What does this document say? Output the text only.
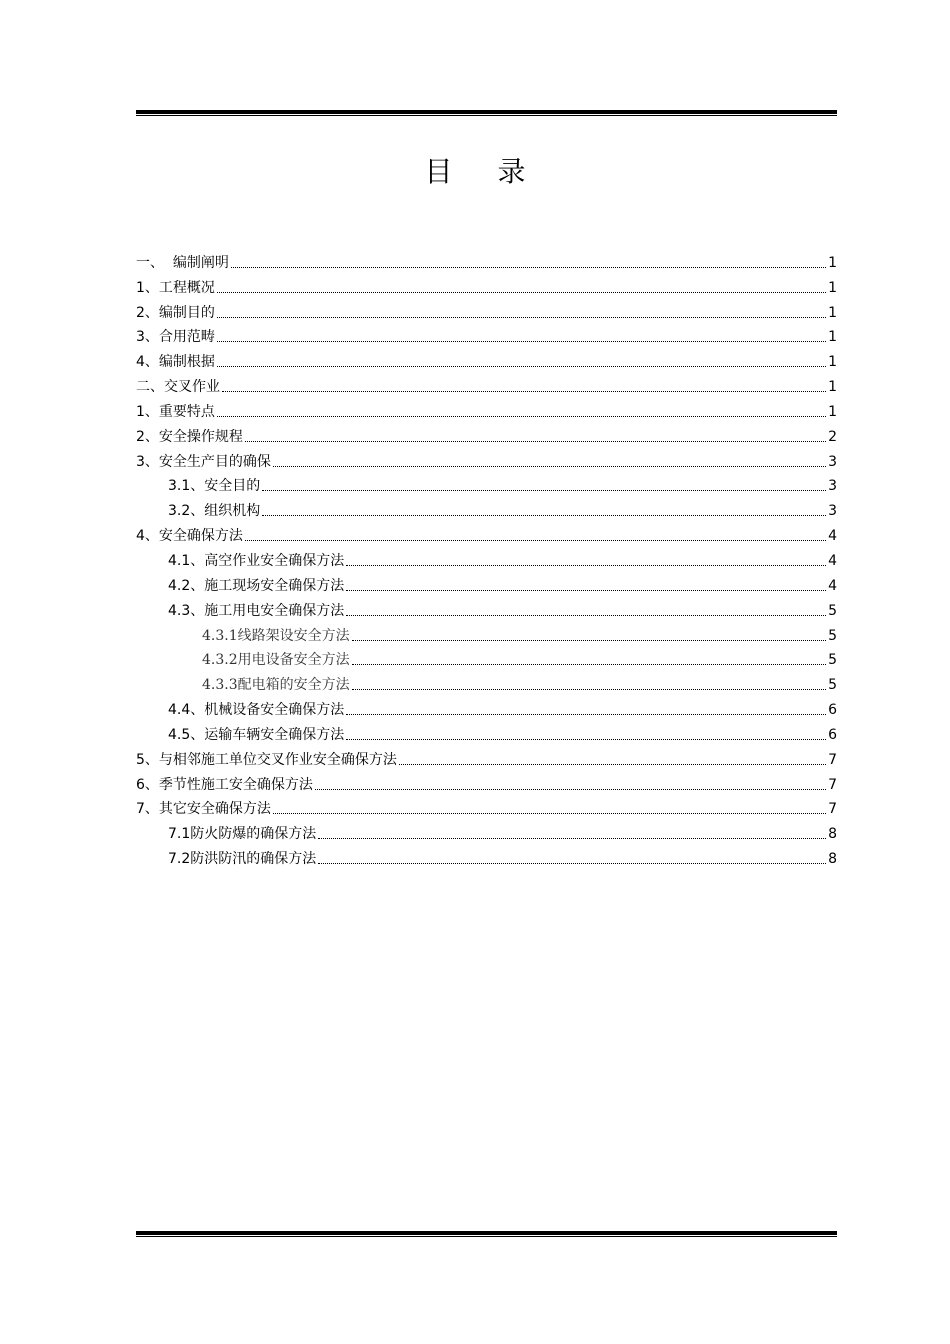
目 录
一、  编制阐明	1
1、工程概况	1
2、编制目的	1
3、合用范畴	1
4、编制根据	1
二、交叉作业	1
1、重要特点	1
2、安全操作规程	2
3、安全生产目的确保	3
3.1、安全目的	3
3.2、组织机构	3
4、安全确保方法	4
4.1、高空作业安全确保方法	4
4.2、施工现场安全确保方法	4
4.3、施工用电安全确保方法	5
4.3.1线路架设安全方法	5
4.3.2用电设备安全方法	5
4.3.3配电箱的安全方法	5
4.4、机械设备安全确保方法	6
4.5、运输车辆安全确保方法	6
5、与相邻施工单位交叉作业安全确保方法	7
6、季节性施工安全确保方法	7
7、其它安全确保方法	7
7.1防火防爆的确保方法	8
7.2防洪防汛的确保方法	8
